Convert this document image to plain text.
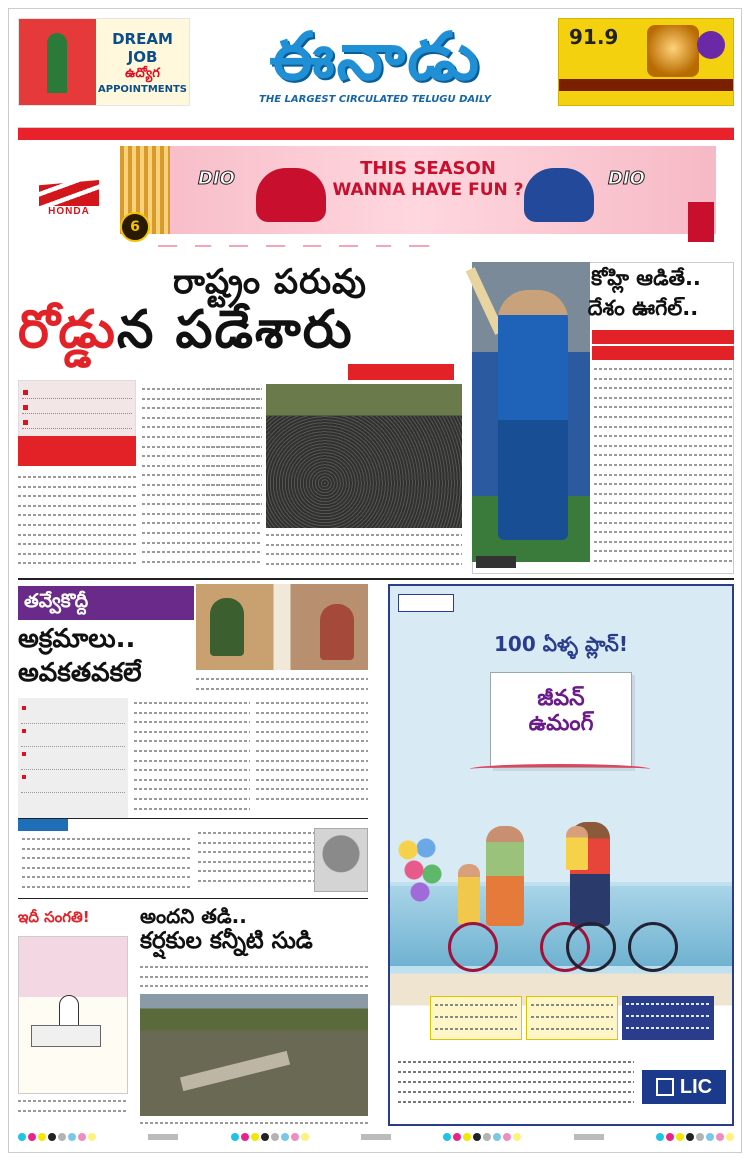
DREAM
JOB
ఉద్యోగ
APPOINTMENTS	ఈనాడు
THE LARGEST CIRCULATED TELUGU DAILY
91.9
HONDA
DIO	THIS SEASON
WANNA HAVE FUN ?
DIO
6

రాష్ట్రం పరువు
రోడ్డున పడేశారు

కోహ్లి ఆడితే..
దేశం ఊగేల్..
తవ్వేకొద్దీ
అక్రమాలు..
అవకతవకలే

ఇదీ సంగతి!	అందని తడి..
కర్షకుల కన్నీటి సుడి
100 ఏళ్ళ ప్లాన్!

జీవన్
ఉమంగ్
LIC
